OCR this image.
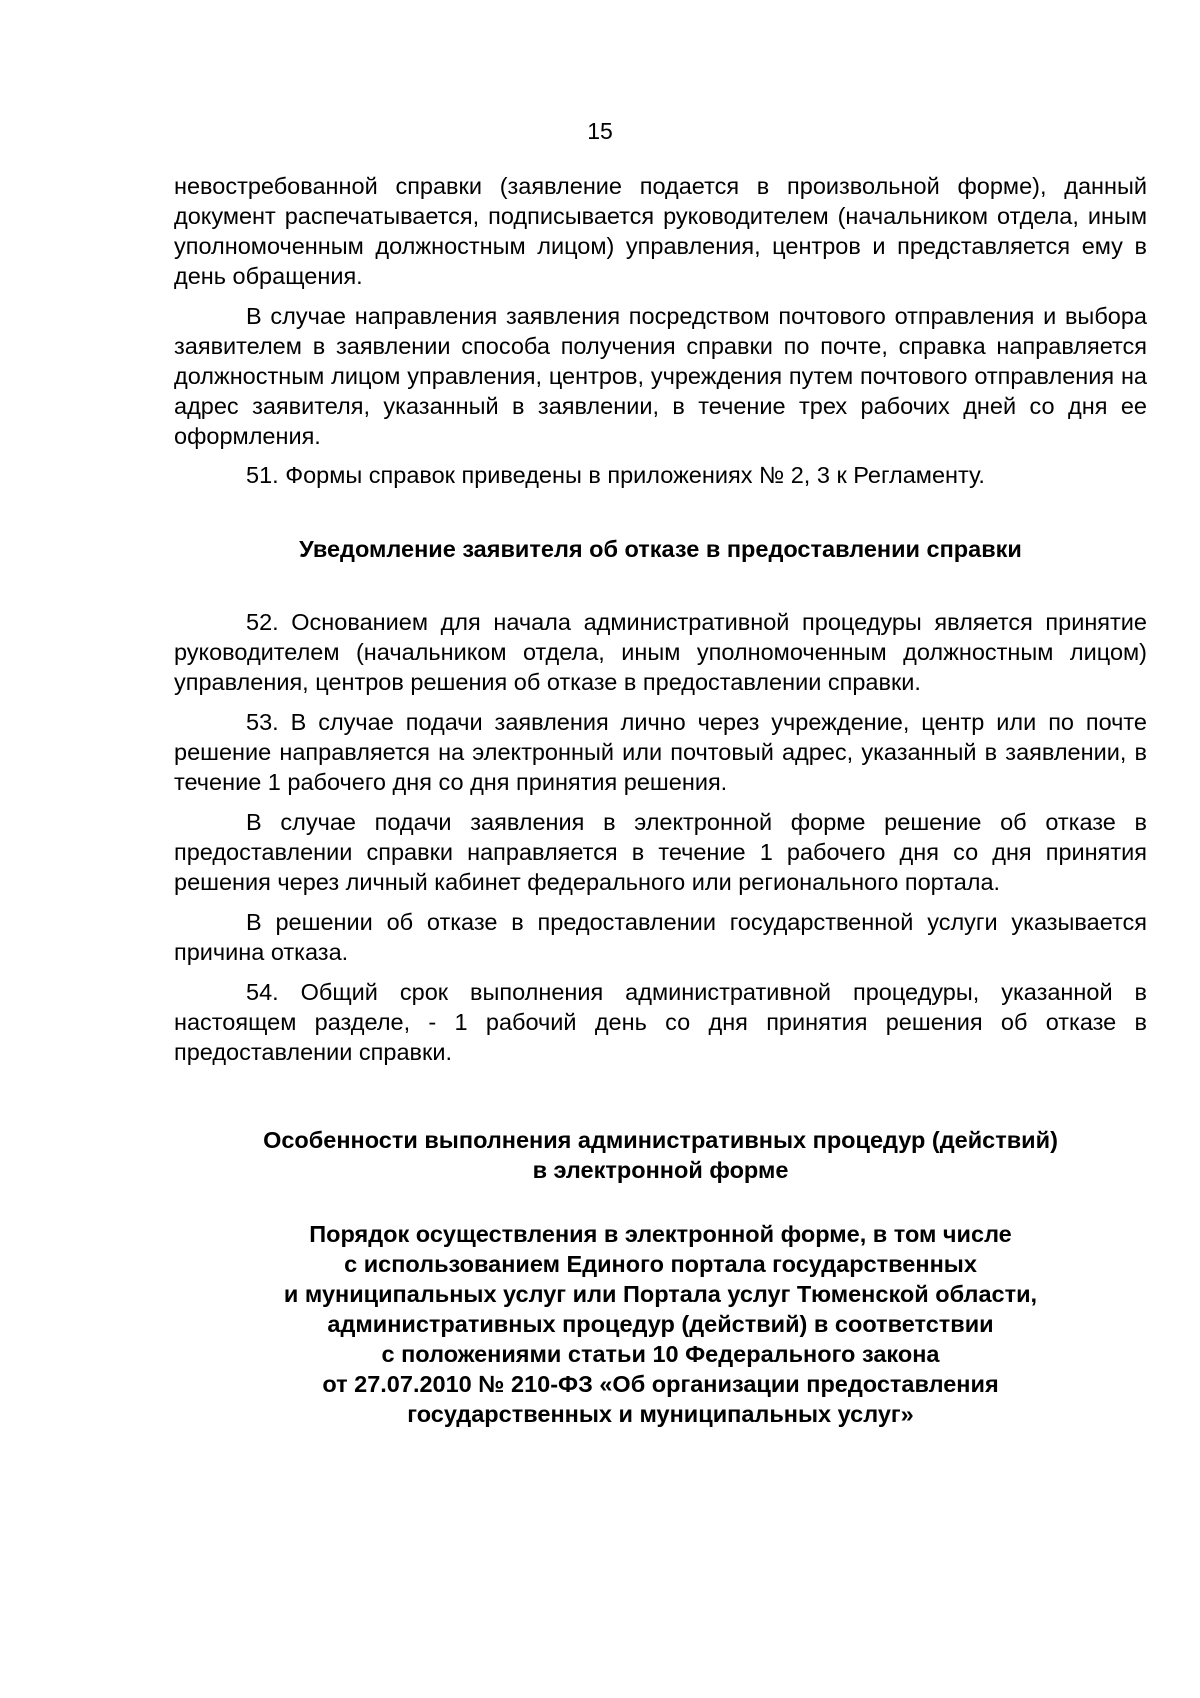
15

невостребованной справки (заявление подается в произвольной форме), данный документ распечатывается, подписывается руководителем (начальником отдела, иным уполномоченным должностным лицом) управления, центров и представляется ему в день обращения.

В случае направления заявления посредством почтового отправления и выбора заявителем в заявлении способа получения справки по почте, справка направляется должностным лицом управления, центров, учреждения путем почтового отправления на адрес заявителя, указанный в заявлении, в течение трех рабочих дней со дня ее оформления.

51. Формы справок приведены в приложениях № 2, 3 к Регламенту.

Уведомление заявителя об отказе в предоставлении справки

52. Основанием для начала административной процедуры является принятие руководителем (начальником отдела, иным уполномоченным должностным лицом) управления, центров решения об отказе в предоставлении справки.

53. В случае подачи заявления лично через учреждение, центр или по почте решение направляется на электронный или почтовый адрес, указанный в заявлении, в течение 1 рабочего дня со дня принятия решения.

В случае подачи заявления в электронной форме решение об отказе в предоставлении справки направляется в течение 1 рабочего дня со дня принятия решения через личный кабинет федерального или регионального портала.

В решении об отказе в предоставлении государственной услуги указывается причина отказа.

54. Общий срок выполнения административной процедуры, указанной в настоящем разделе, - 1 рабочий день со дня принятия решения об отказе в предоставлении справки.

Особенности выполнения административных процедур (действий)
в электронной форме
Порядок осуществления в электронной форме, в том числе
с использованием Единого портала государственных
и муниципальных услуг или Портала услуг Тюменской области,
административных процедур (действий) в соответствии
с положениями статьи 10 Федерального закона
от 27.07.2010 № 210-ФЗ «Об организации предоставления
государственных и муниципальных услуг»
